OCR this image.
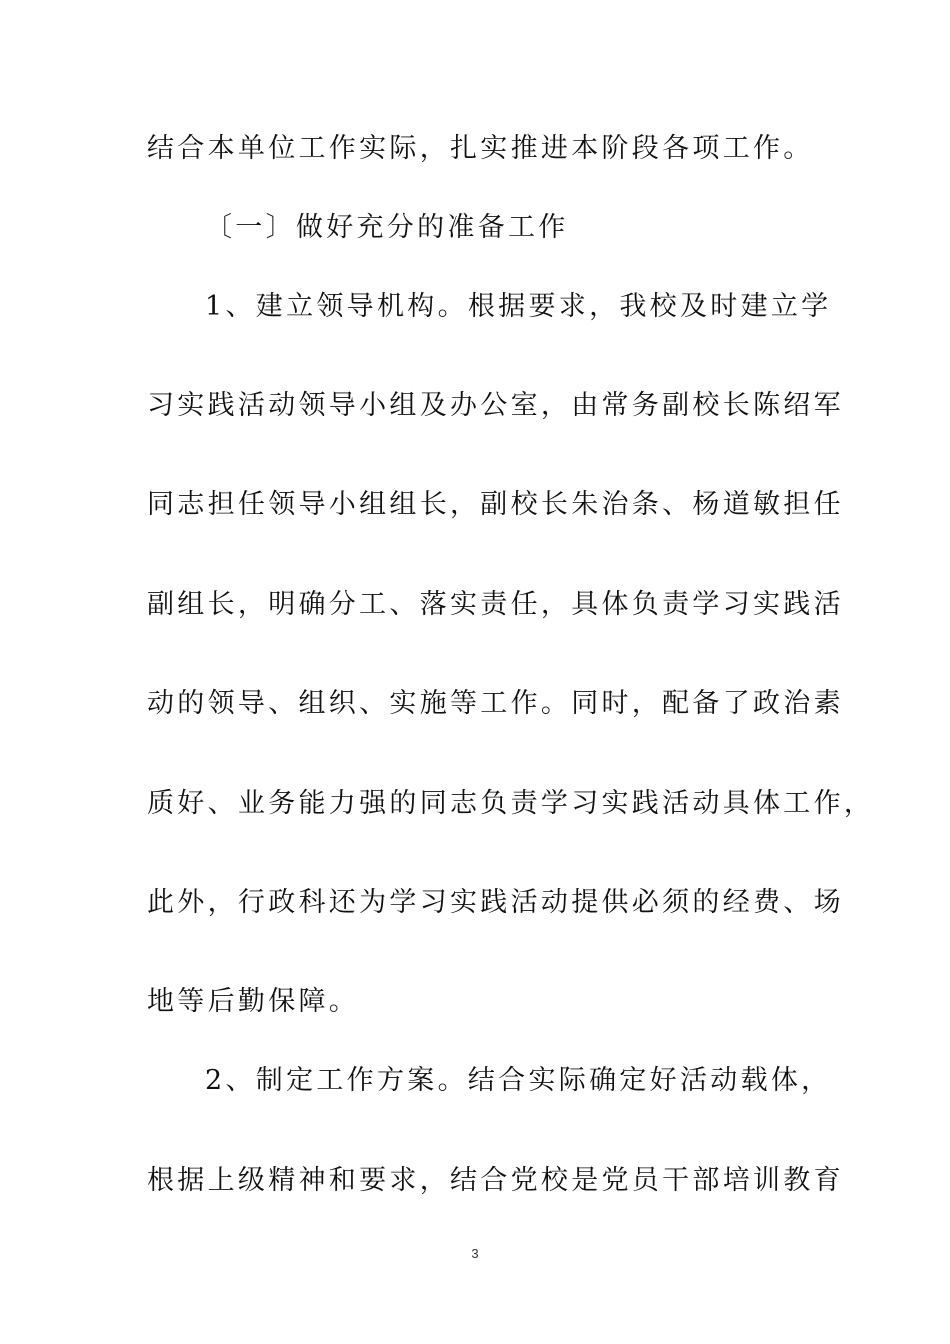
结合本单位工作实际，扎实推进本阶段各项工作。
〔一〕做好充分的准备工作
1、建立领导机构。根据要求，我校及时建立学
习实践活动领导小组及办公室，由常务副校长陈绍军
同志担任领导小组组长，副校长朱治条、杨道敏担任
副组长，明确分工、落实责任，具体负责学习实践活
动的领导、组织、实施等工作。同时，配备了政治素
质好、业务能力强的同志负责学习实践活动具体工作，
此外，行政科还为学习实践活动提供必须的经费、场
地等后勤保障。
2、制定工作方案。结合实际确定好活动载体，
根据上级精神和要求，结合党校是党员干部培训教育
3
